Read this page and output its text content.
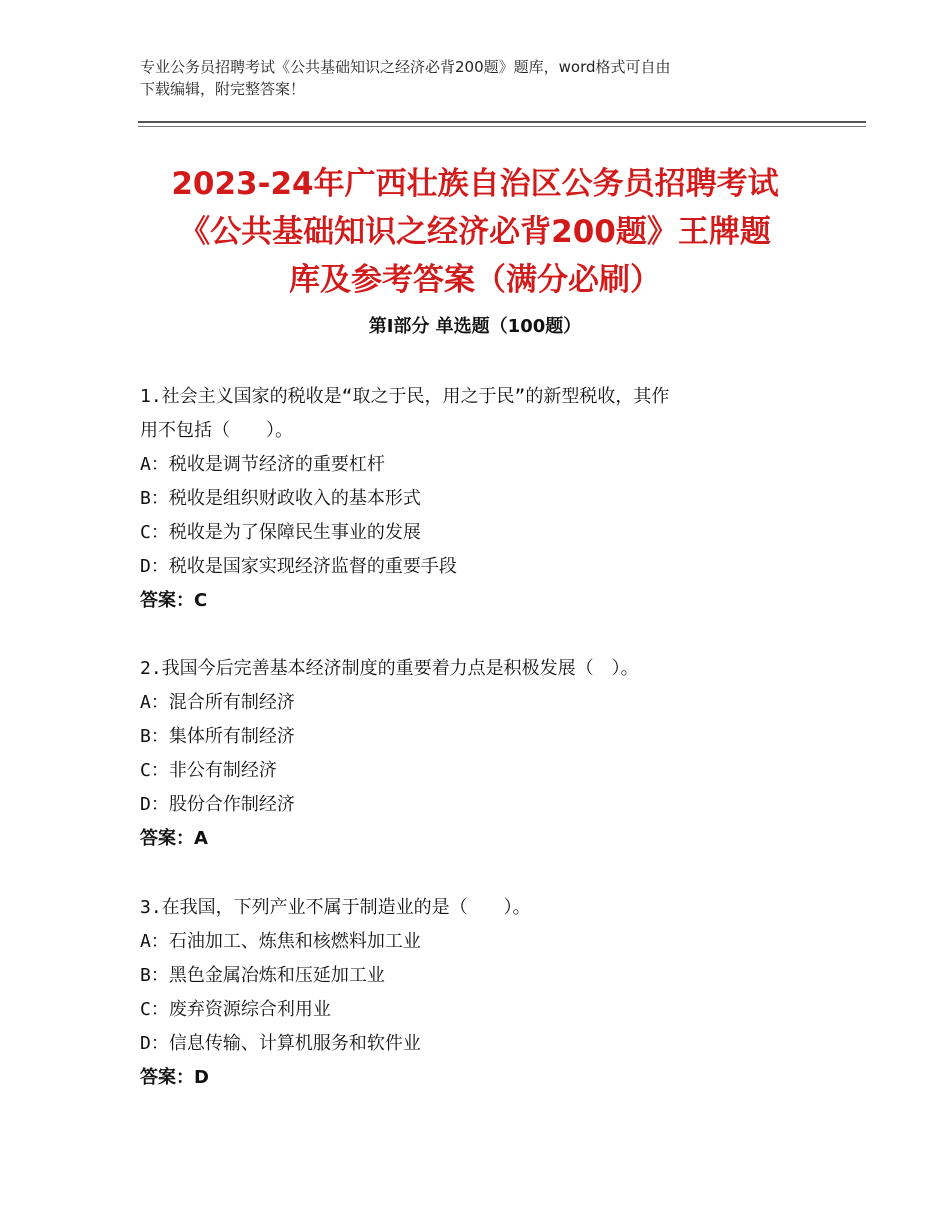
专业公务员招聘考试《公共基础知识之经济必背200题》题库，word格式可自由
下载编辑，附完整答案！
2023-24年广西壮族自治区公务员招聘考试
《公共基础知识之经济必背200题》王牌题
库及参考答案（满分必刷）
第Ⅰ部分 单选题（100题）
1.社会主义国家的税收是“取之于民，用之于民”的新型税收，其作
用不包括（　　）。
A：税收是调节经济的重要杠杆
B：税收是组织财政收入的基本形式
C：税收是为了保障民生事业的发展
D：税收是国家实现经济监督的重要手段
答案：C
2.我国今后完善基本经济制度的重要着力点是积极发展（　）。
A：混合所有制经济
B：集体所有制经济
C：非公有制经济
D：股份合作制经济
答案：A
3.在我国，下列产业不属于制造业的是（　　）。
A：石油加工、炼焦和核燃料加工业
B：黑色金属冶炼和压延加工业
C：废弃资源综合利用业
D：信息传输、计算机服务和软件业
答案：D
